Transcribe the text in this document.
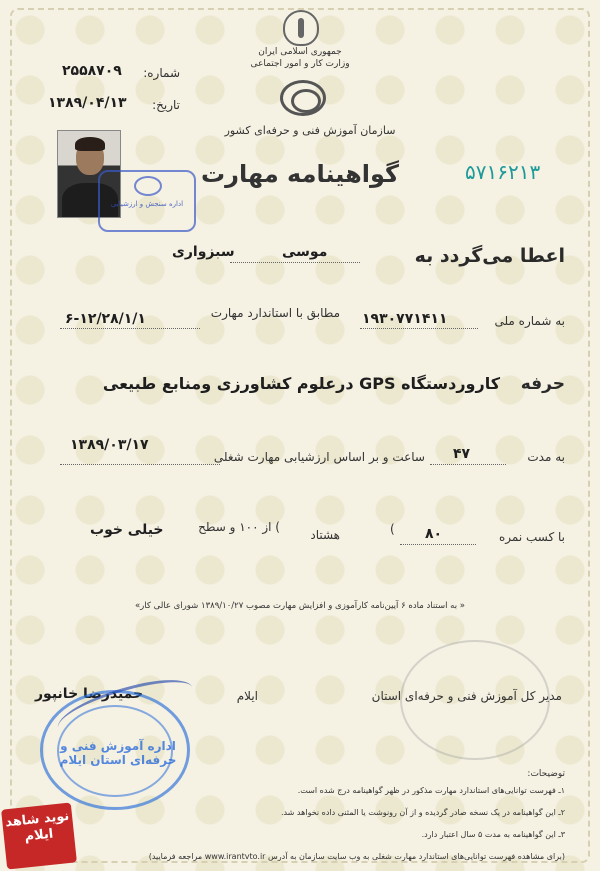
جمهوری اسلامی ایران
وزارت کار و امور اجتماعی
سازمان آموزش فنی و حرفه‌ای کشور
شماره:
۲۵۵۸۷۰۹
تاریخ:
۱۳۸۹/۰۴/۱۳
۵۷۱۶۲۱۳
گواهینامه مهارت
اداره سنجش و ارزشیابی
اعطا می‌گردد به
موسی
سبزواری
به شماره ملی
۱۹۳۰۷۷۱۴۱۱
مطابق با استاندارد مهارت
۶-۱۲/۲۸/۱/۱
حرفه
کاروردستگاه GPS درعلوم کشاورزی ومنابع طبیعی
به مدت
۴۷
ساعت و بر اساس ارزشیابی مهارت شغلی
۱۳۸۹/۰۳/۱۷
با کسب نمره
۸۰
(
هشتاد
) از ۱۰۰ و سطح
خیلی خوب
« به استناد ماده ۶ آیین‌نامه کارآموزی و افزایش مهارت مصوب ۱۳۸۹/۱۰/۲۷ شورای عالی کار»
مدیر کل آموزش فنی و حرفه‌ای استان
ایلام
حمیدرضا خانپور
اداره آموزش فنی و حرفه‌ای استان ایلام
توضیحات:
۱ـ فهرست توانایی‌های استاندارد مهارت مذکور در ظهر گواهینامه درج شده است.
۲ـ این گواهینامه در یک نسخه صادر گردیده و از آن رونوشت یا المثنی داده نخواهد شد.
۳ـ این گواهینامه به مدت ۵ سال اعتبار دارد.
(برای مشاهده فهرست توانایی‌های استاندارد مهارت شغلی به وب سایت سازمان به آدرس www.irantvto.ir مراجعه فرمایید)
نوید شاهد
ایلام
